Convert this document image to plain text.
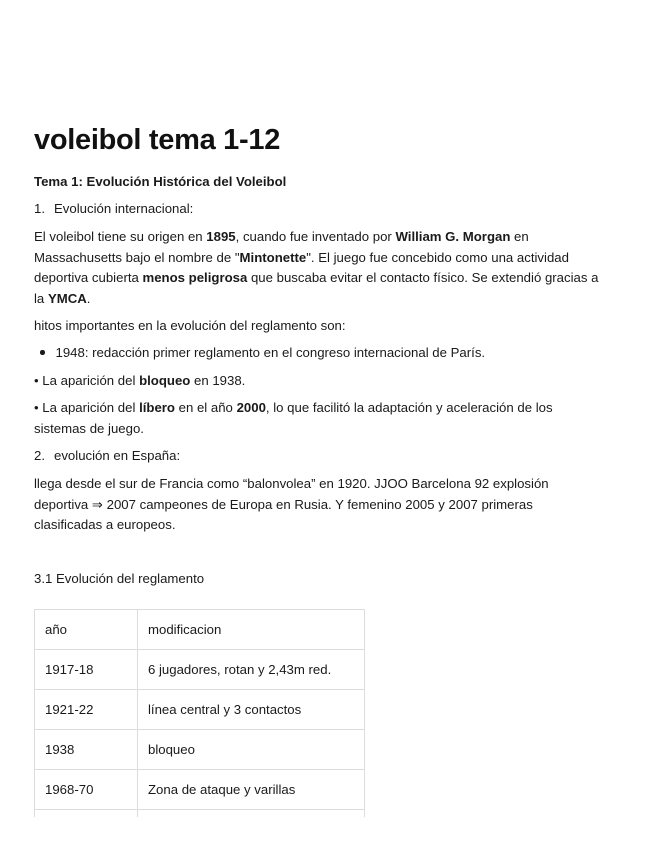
voleibol tema 1-12

Tema 1: Evolución Histórica del Voleibol

1. Evolución internacional:

El voleibol tiene su origen en 1895, cuando fue inventado por William G. Morgan en Massachusetts bajo el nombre de "Mintonette". El juego fue concebido como una actividad deportiva cubierta menos peligrosa que buscaba evitar el contacto físico. Se extendió gracias a la YMCA.

hitos importantes en la evolución del reglamento son:

1948: redacción primer reglamento en el congreso internacional de París.

• La aparición del bloqueo en 1938.

• La aparición del líbero en el año 2000, lo que facilitó la adaptación y aceleración de los sistemas de juego.

2. evolución en España:

llega desde el sur de Francia como “balonvolea” en 1920. JJOO Barcelona 92 explosión deportiva ⇒ 2007 campeones de Europa en Rusia. Y femenino 2005 y 2007 primeras clasificadas a europeos.

3.1 Evolución del reglamento

año	modificacion
1917-18	6 jugadores, rotan y 2,43m red.
1921-22	línea central y 3 contactos
1938	bloqueo
1968-70	Zona de ataque y varillas
